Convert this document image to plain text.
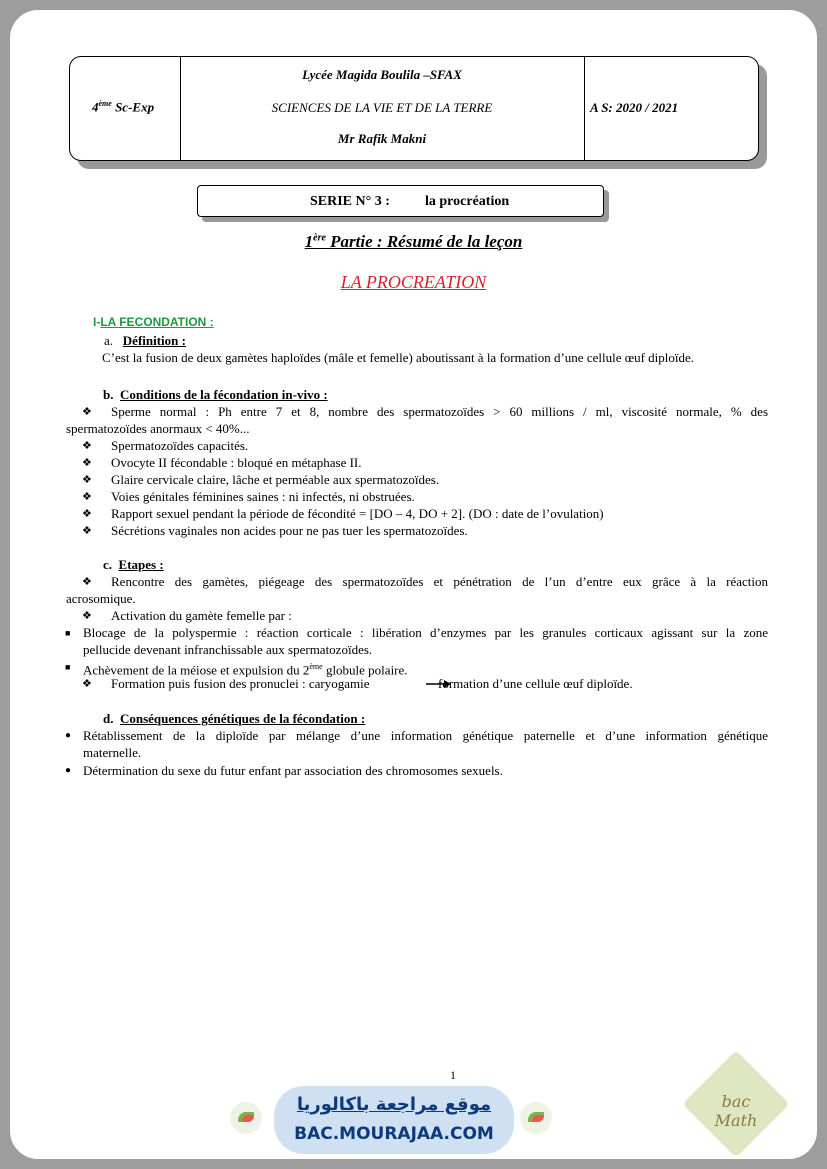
4ème Sc-Exp
Lycée Magida Boulila –SFAX
SCIENCES DE LA VIE ET DE LA TERRE
Mr Rafik Makni
A S: 2020 / 2021
SERIE N° 3 :	la procréation
1ère Partie : Résumé de la leçon
LA PROCREATION
I-LA FECONDATION :
a. Définition :
C’est la fusion de deux gamètes haploïdes (mâle et femelle) aboutissant à la formation d’une cellule œuf diploïde.
b. Conditions de la fécondation in-vivo :
❖ Sperme normal : Ph entre 7 et 8, nombre des spermatozoïdes > 60 millions / ml, viscosité normale, % des
spermatozoïdes anormaux < 40%...
❖ Spermatozoïdes capacités.
❖ Ovocyte II fécondable : bloqué en métaphase II.
❖ Glaire cervicale claire, lâche et perméable aux spermatozoïdes.
❖ Voies génitales féminines saines : ni infectés, ni obstruées.
❖ Rapport sexuel pendant la période de fécondité = [DO – 4, DO + 2]. (DO : date de l’ovulation)
❖ Sécrétions vaginales non acides pour ne pas tuer les spermatozoïdes.
c. Etapes :
❖ Rencontre des gamètes, piégeage des spermatozoïdes et pénétration de l’un d’entre eux grâce à la réaction
acrosomique.
❖ Activation du gamète femelle par :
■ Blocage de la polyspermie : réaction corticale : libération d’enzymes par les granules corticaux agissant sur la zone
pellucide devenant infranchissable aux spermatozoïdes.
■ Achèvement de la méiose et expulsion du 2ème globule polaire.
❖ Formation puis fusion des pronuclei : caryogamie	formation d’une cellule œuf diploïde.
d. Conséquences génétiques de la fécondation :
● Rétablissement de la diploïde par mélange d’une information génétique paternelle et d’une information génétique
maternelle.
● Détermination du sexe du futur enfant par association des chromosomes sexuels.
1
موقع مراجعة باكالوريا
BAC.MOURAJAA.COM
bac Math
